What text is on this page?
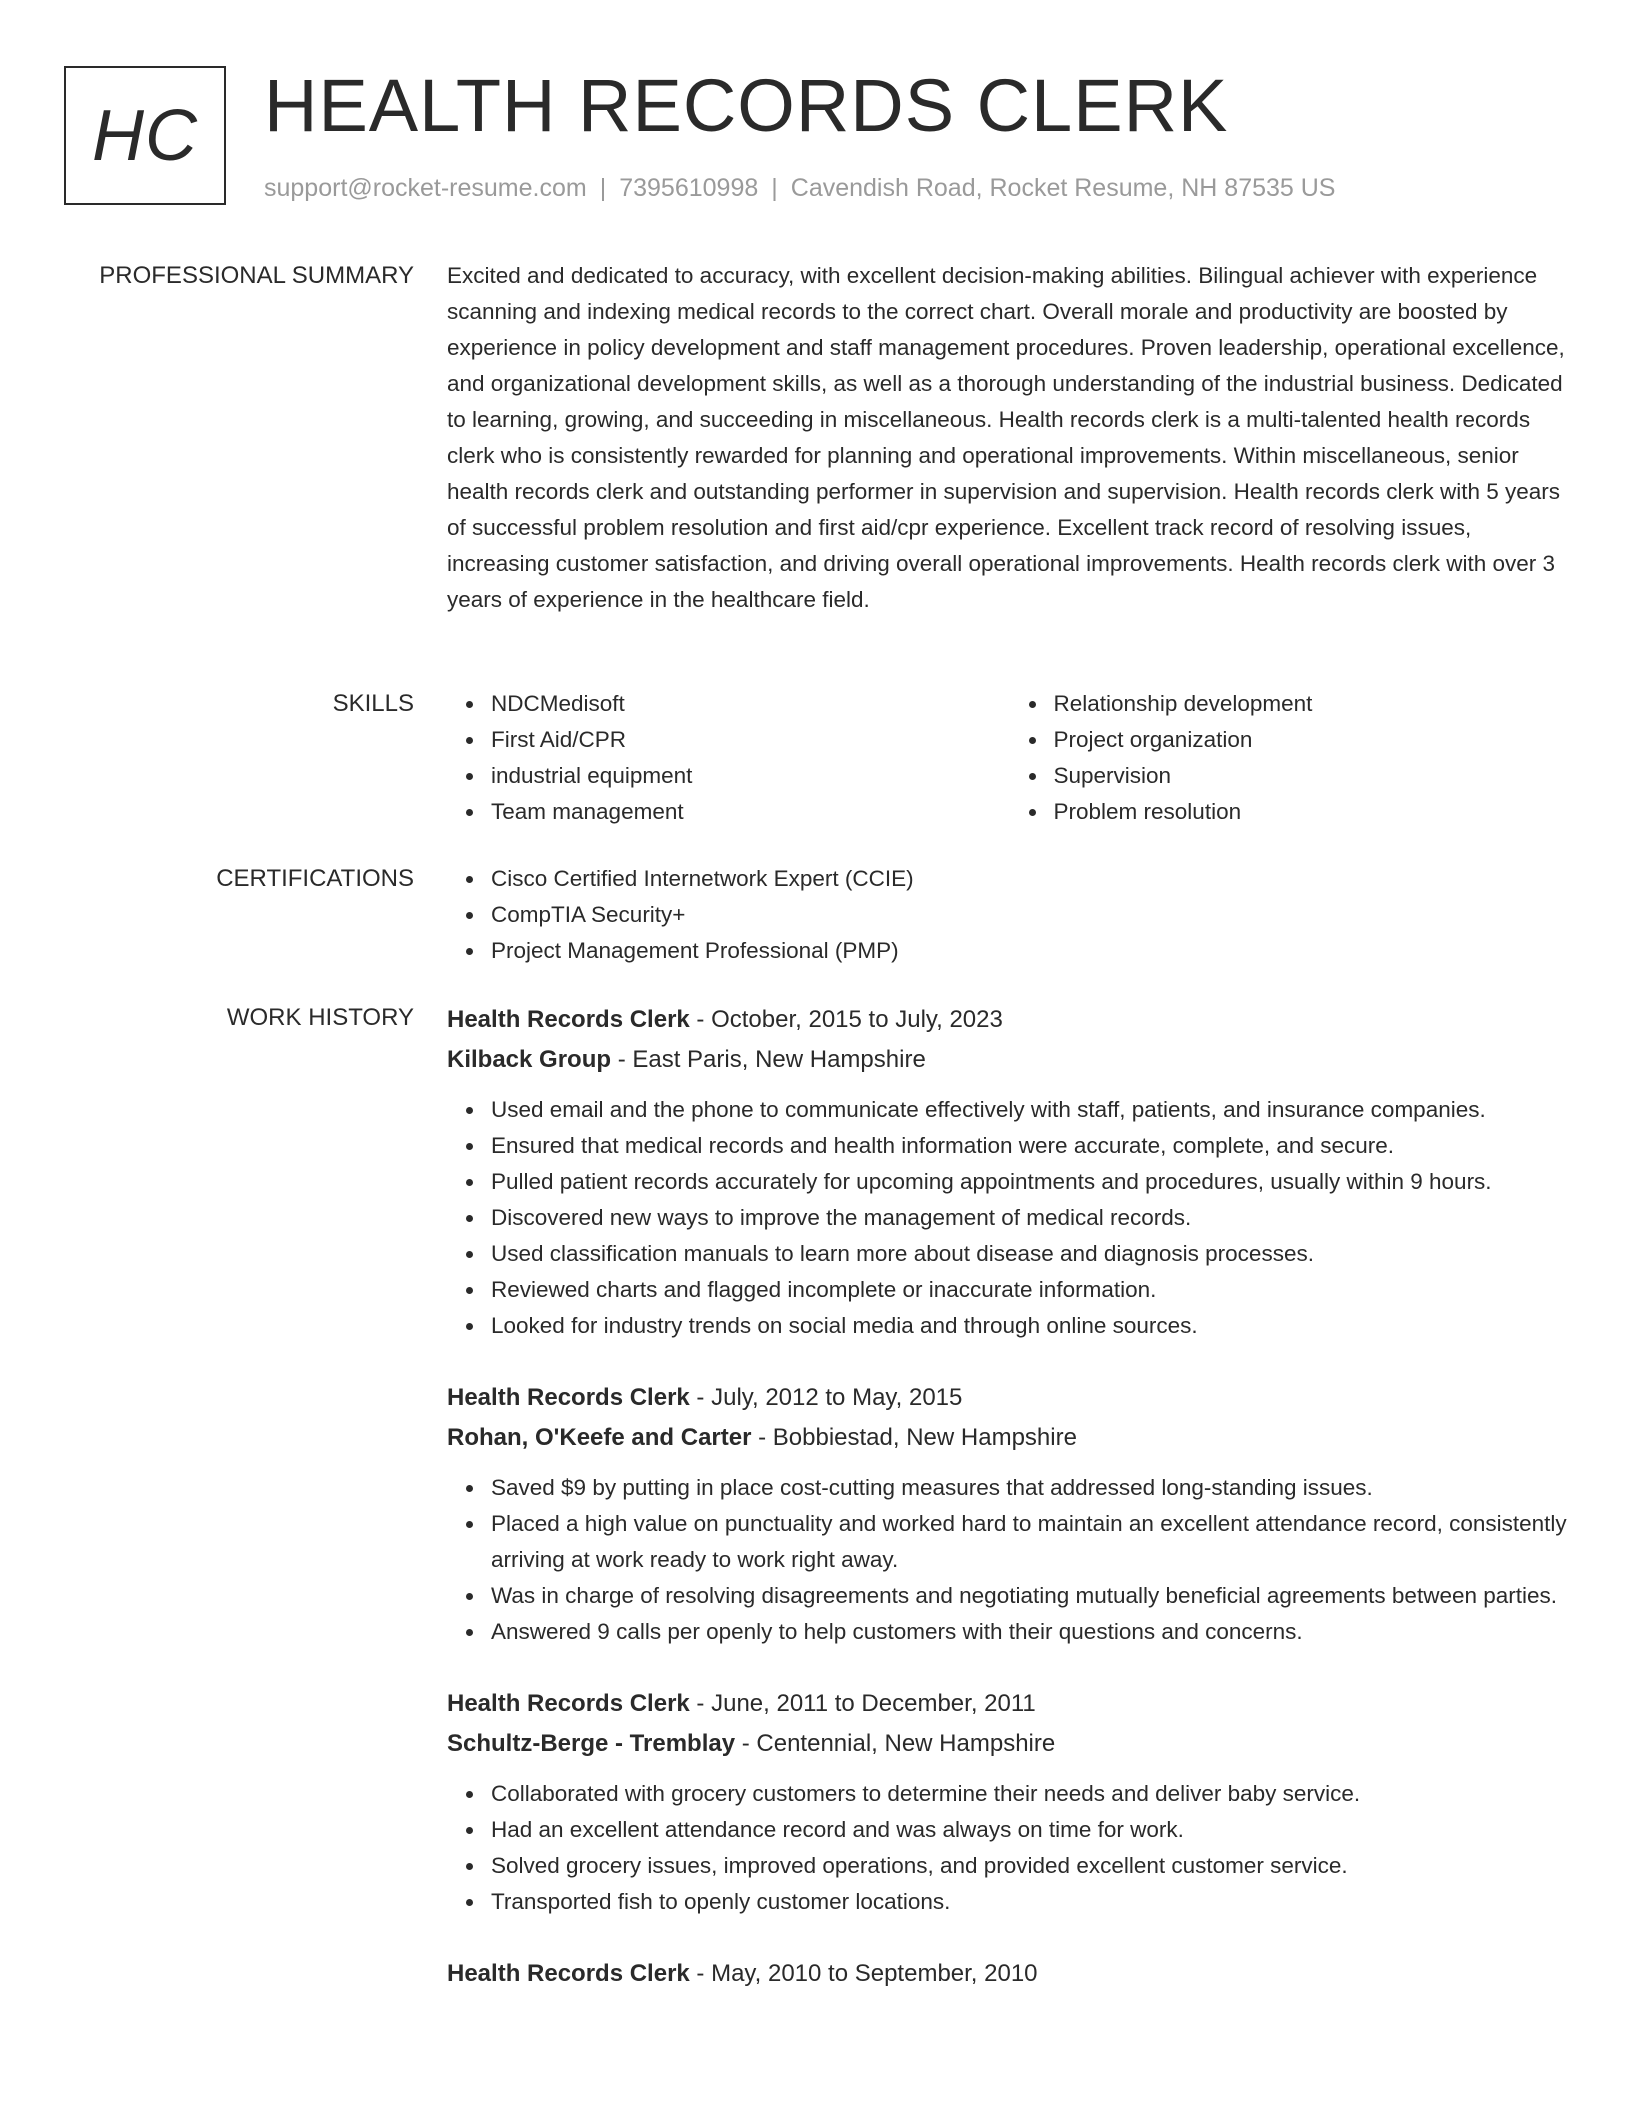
HC HEALTH RECORDS CLERK
support@rocket-resume.com | 7395610998 | Cavendish Road, Rocket Resume, NH 87535 US
PROFESSIONAL SUMMARY Excited and dedicated to accuracy, with excellent decision-making abilities. Bilingual achiever with experience scanning and indexing medical records to the correct chart. Overall morale and productivity are boosted by experience in policy development and staff management procedures. Proven leadership, operational excellence, and organizational development skills, as well as a thorough understanding of the industrial business. Dedicated to learning, growing, and succeeding in miscellaneous. Health records clerk is a multi-talented health records clerk who is consistently rewarded for planning and operational improvements. Within miscellaneous, senior health records clerk and outstanding performer in supervision and supervision. Health records clerk with 5 years of successful problem resolution and first aid/cpr experience. Excellent track record of resolving issues, increasing customer satisfaction, and driving overall operational improvements. Health records clerk with over 3 years of experience in the healthcare field.

SKILLS	NDCMedisoft
First Aid/CPR
industrial equipment
Team management
Relationship development
Project organization
Supervision
Problem resolution
CERTIFICATIONS	Cisco Certified Internetwork Expert (CCIE)
CompTIA Security+
Project Management Professional (PMP)
WORK HISTORY Health Records Clerk - October, 2015 to July, 2023
Kilback Group - East Paris, New Hampshire
Used email and the phone to communicate effectively with staff, patients, and insurance companies.
Ensured that medical records and health information were accurate, complete, and secure.
Pulled patient records accurately for upcoming appointments and procedures, usually within 9 hours.
Discovered new ways to improve the management of medical records.
Used classification manuals to learn more about disease and diagnosis processes.
Reviewed charts and flagged incomplete or inaccurate information.
Looked for industry trends on social media and through online sources.
Health Records Clerk - July, 2012 to May, 2015
Rohan, O'Keefe and Carter - Bobbiestad, New Hampshire
Saved $9 by putting in place cost-cutting measures that addressed long-standing issues.
Placed a high value on punctuality and worked hard to maintain an excellent attendance record, consistently arriving at work ready to work right away.
Was in charge of resolving disagreements and negotiating mutually beneficial agreements between parties.
Answered 9 calls per openly to help customers with their questions and concerns.
Health Records Clerk - June, 2011 to December, 2011
Schultz-Berge - Tremblay - Centennial, New Hampshire
Collaborated with grocery customers to determine their needs and deliver baby service.
Had an excellent attendance record and was always on time for work.
Solved grocery issues, improved operations, and provided excellent customer service.
Transported fish to openly customer locations.
Health Records Clerk - May, 2010 to September, 2010
